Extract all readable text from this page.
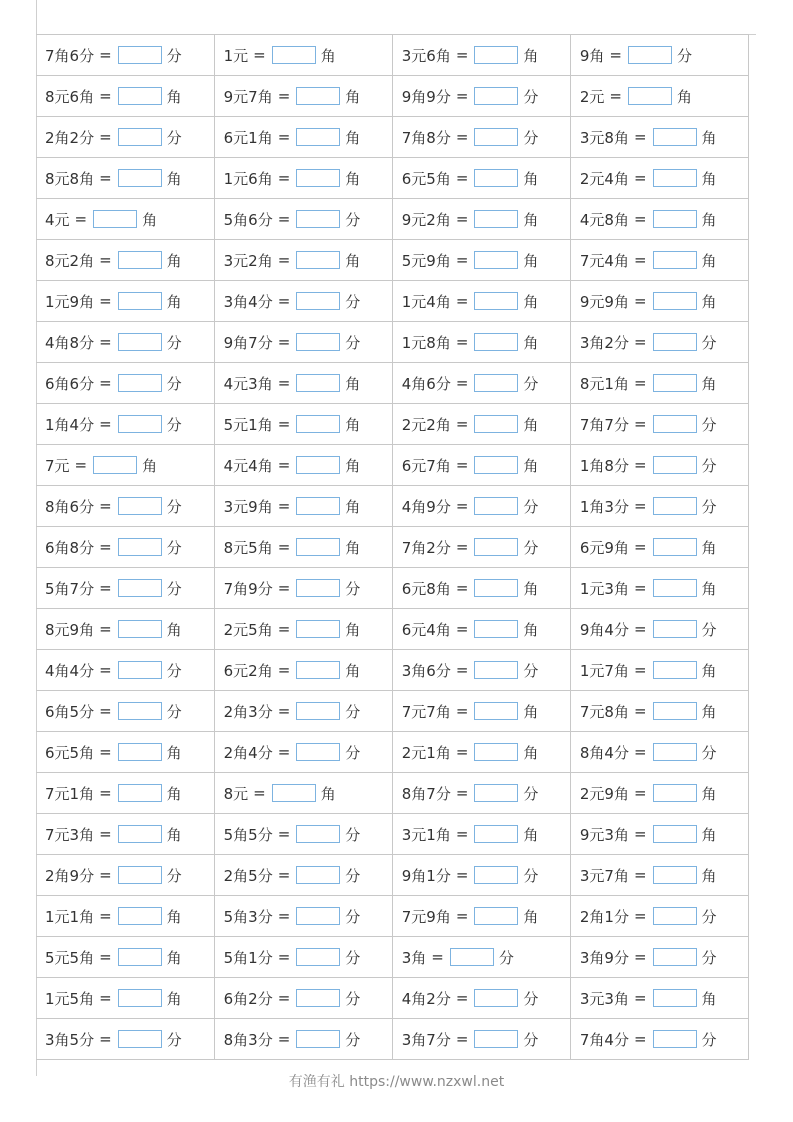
7角6分 = 分	1元 = 角	3元6角 = 角	9角 = 分

8元6角 = 角	9元7角 = 角	9角9分 = 分	2元 = 角

2角2分 = 分	6元1角 = 角	7角8分 = 分	3元8角 = 角

8元8角 = 角	1元6角 = 角	6元5角 = 角	2元4角 = 角

4元 = 角	5角6分 = 分	9元2角 = 角	4元8角 = 角

8元2角 = 角	3元2角 = 角	5元9角 = 角	7元4角 = 角

1元9角 = 角	3角4分 = 分	1元4角 = 角	9元9角 = 角

4角8分 = 分	9角7分 = 分	1元8角 = 角	3角2分 = 分

6角6分 = 分	4元3角 = 角	4角6分 = 分	8元1角 = 角

1角4分 = 分	5元1角 = 角	2元2角 = 角	7角7分 = 分

7元 = 角	4元4角 = 角	6元7角 = 角	1角8分 = 分

8角6分 = 分	3元9角 = 角	4角9分 = 分	1角3分 = 分

6角8分 = 分	8元5角 = 角	7角2分 = 分	6元9角 = 角

5角7分 = 分	7角9分 = 分	6元8角 = 角	1元3角 = 角

8元9角 = 角	2元5角 = 角	6元4角 = 角	9角4分 = 分

4角4分 = 分	6元2角 = 角	3角6分 = 分	1元7角 = 角

6角5分 = 分	2角3分 = 分	7元7角 = 角	7元8角 = 角

6元5角 = 角	2角4分 = 分	2元1角 = 角	8角4分 = 分

7元1角 = 角	8元 = 角	8角7分 = 分	2元9角 = 角

7元3角 = 角	5角5分 = 分	3元1角 = 角	9元3角 = 角

2角9分 = 分	2角5分 = 分	9角1分 = 分	3元7角 = 角

1元1角 = 角	5角3分 = 分	7元9角 = 角	2角1分 = 分

5元5角 = 角	5角1分 = 分	3角 = 分	3角9分 = 分

1元5角 = 角	6角2分 = 分	4角2分 = 分	3元3角 = 角

3角5分 = 分	8角3分 = 分	3角7分 = 分	7角4分 = 分
有渔有礼 https://www.nzxwl.net
